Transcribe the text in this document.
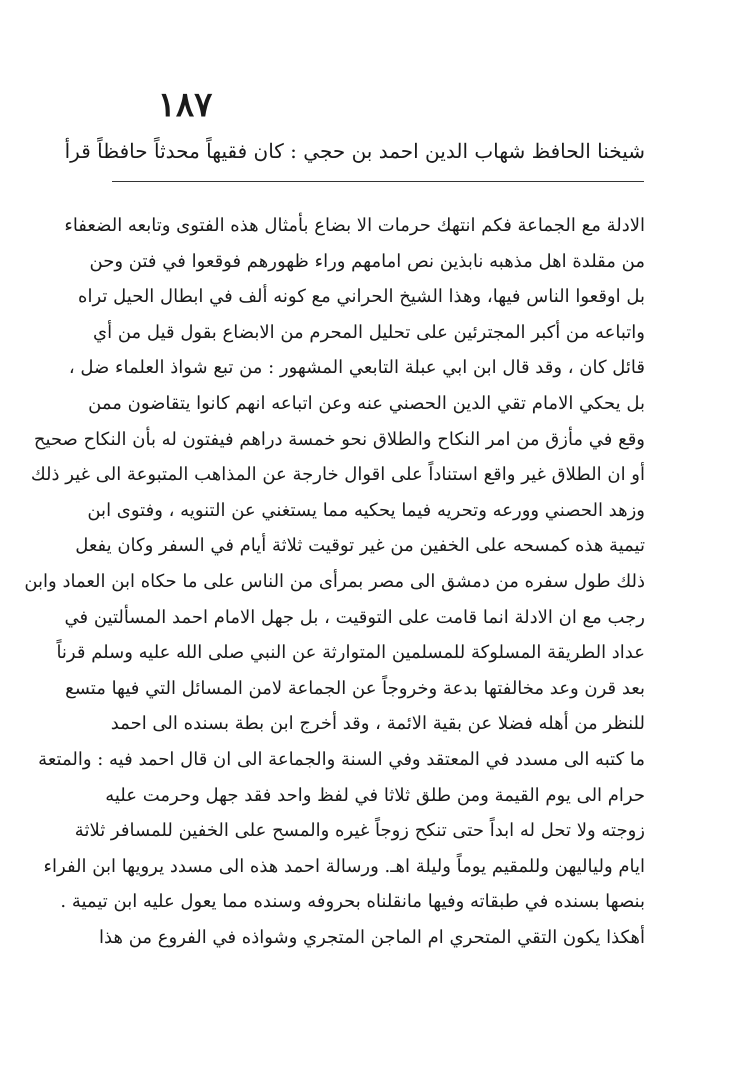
١٨٧
شيخنا الحافظ شهاب الدين احمد بن حجي : كان فقيهاً محدثاً حافظاً قرأ
الادلة مع الجماعة فكم انتهك حرمات الا بضاع بأمثال هذه الفتوى وتابعه الضعفاء
من مقلدة اهل مذهبه نابذين نص امامهم وراء ظهورهم فوقعوا في فتن وحن
بل اوقعوا الناس فيها، وهذا الشيخ الحراني مع كونه ألف في ابطال الحيل تراه
واتباعه من أكبر المجترئين على تحليل المحرم من الابضاع بقول قيل من أي
قائل كان ، وقد قال ابن ابي عبلة التابعي المشهور : من تبع شواذ العلماء ضل ،
بل يحكي الامام تقي الدين الحصني عنه وعن اتباعه انهم كانوا يتقاضون ممن
وقع في مأزق من امر النكاح والطلاق نحو خمسة دراهم فيفتون له بأن النكاح صحيح
أو ان الطلاق غير واقع استناداً على اقوال خارجة عن المذاهب المتبوعة الى غير ذلك
وزهد الحصني وورعه وتحريه فيما يحكيه مما يستغني عن التنويه ، وفتوى ابن
تيمية هذه كمسحه على الخفين من غير توقيت ثلاثة أيام في السفر وكان يفعل
ذلك طول سفره من دمشق الى مصر بمرأى من الناس على ما حكاه ابن العماد وابن
رجب مع ان الادلة انما قامت على التوقيت ، بل جهل الامام احمد المسألتين في
عداد الطريقة المسلوكة للمسلمين المتوارثة عن النبي صلى الله عليه وسلم قرناً
بعد قرن وعد مخالفتها بدعة وخروجاً عن الجماعة لامن المسائل التي فيها متسع
للنظر من أهله فضلا عن بقية الائمة ، وقد أخرج ابن بطة بسنده الى احمد
ما كتبه الى مسدد في المعتقد وفي السنة والجماعة الى ان قال احمد فيه : والمتعة
حرام الى يوم القيمة ومن طلق ثلاثا في لفظ واحد فقد جهل وحرمت عليه
زوجته ولا تحل له ابداً حتى تنكح زوجاً غيره والمسح على الخفين للمسافر ثلاثة
ايام ولياليهن وللمقيم يوماً وليلة اهـ. ورسالة احمد هذه الى مسدد يرويها ابن الفراء
بنصها بسنده في طبقاته وفيها مانقلناه بحروفه وسنده مما يعول عليه ابن تيمية .
أهكذا يكون التقي المتحري ام الماجن المتجري وشواذه في الفروع من هذا
